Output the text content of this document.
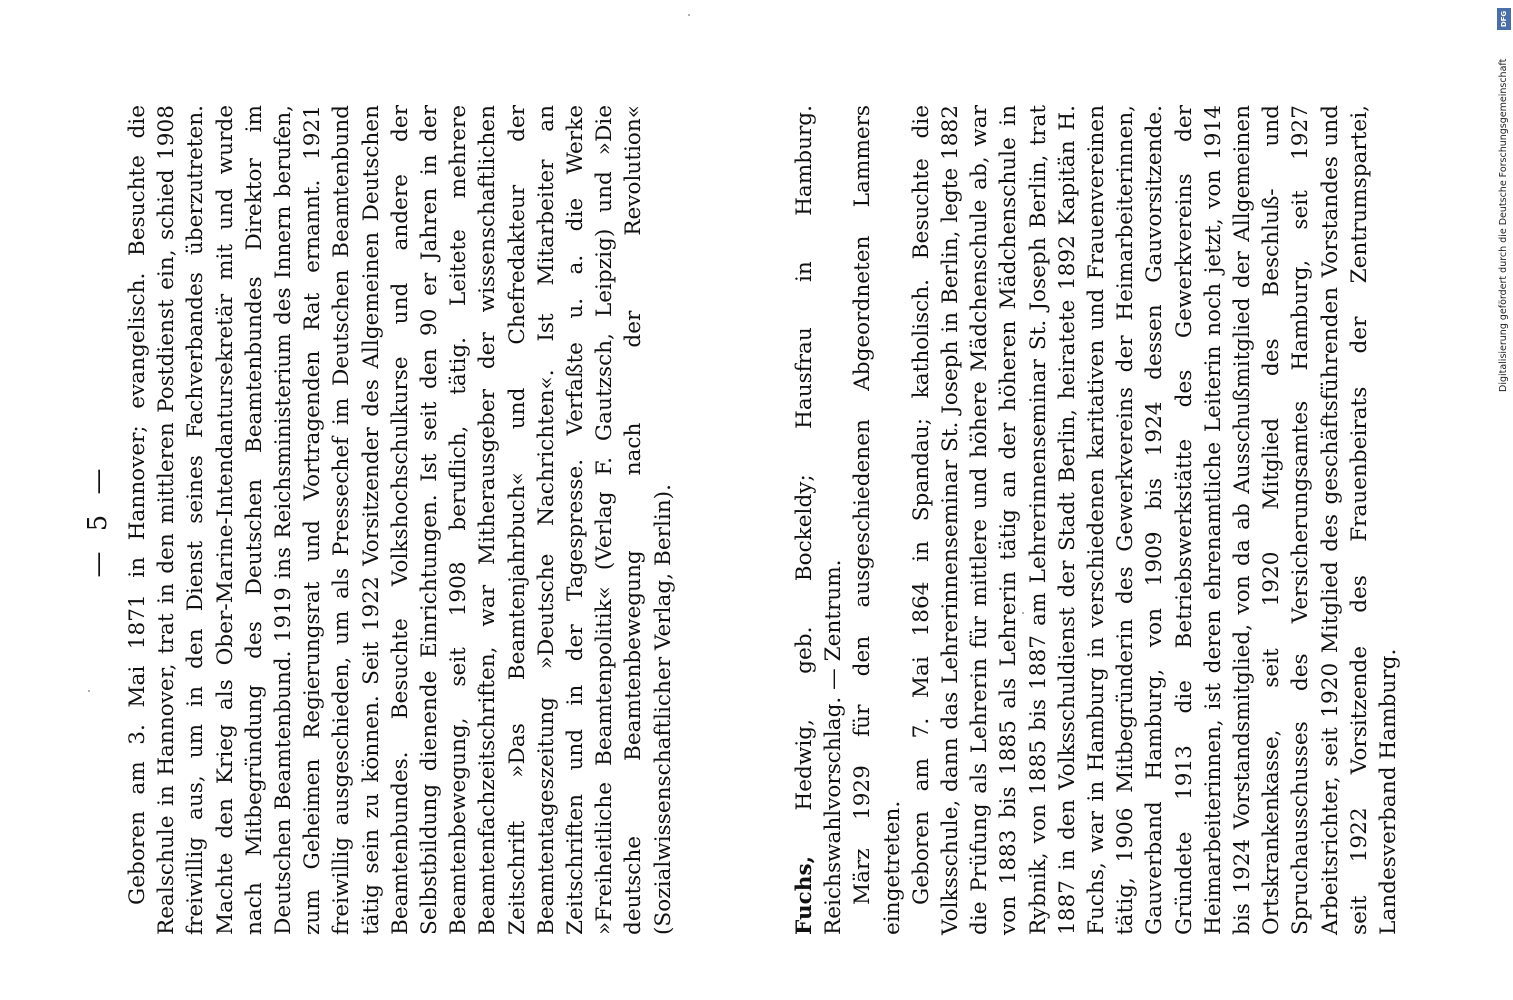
— 5 — Geboren am 3. Mai 1871 in Hannover; evangelisch. Besuchte die Realschule in Hannover, trat in den mittleren Postdienst ein, schied 1908 freiwillig aus, um in den Dienst seines Fachverbandes überzutreten. Machte den Krieg als Ober-Marine-Intendantursekretär mit und wurde nach Mitbegründung des Deutschen Beamtenbundes Direktor im Deutschen Beamtenbund. 1919 ins Reichsministerium des Innern berufen, zum Geheimen Regierungsrat und Vortragenden Rat ernannt. 1921 freiwillig ausgeschieden, um als Pressechef im Deutschen Beamtenbund tätig sein zu können. Seit 1922 Vorsitzender des Allgemeinen Deutschen Beamtenbundes. Besuchte Volkshochschulkurse und andere der Selbstbildung dienende Einrichtungen. Ist seit den 90 er Jahren in der Beamtenbewegung, seit 1908 beruflich, tätig. Leitete mehrere Beamtenfachzeitschriften, war Mitherausgeber der wissenschaftlichen Zeitschrift »Das Beamtenjahrbuch« und Chefredakteur der Beamtentageszeitung »Deutsche Nachrichten«. Ist Mitarbeiter an Zeitschriften und in der Tagespresse. Verfaßte u. a. die Werke »Freiheitliche Beamtenpolitik« (Verlag F. Gautzsch, Leipzig) und »Die deutsche Beamtenbewegung nach der Revolution« (Sozialwissenschaftlicher Verlag, Berlin).	Fuchs, Hedwig, geb. Bockeldy; Hausfrau in Hamburg. Reichswahlvorschlag. — Zentrum. März 1929 für den ausgeschiedenen Abgeordneten Lammers eingetreten. Geboren am 7. Mai 1864 in Spandau; katholisch. Besuchte die Volksschule, dann das Lehrerinnenseminar St. Joseph in Berlin, legte 1882 die Prüfung als Lehrerin für mittlere und höhere Mädchenschule ab, war von 1883 bis 1885 als Lehrerin tätig an der höheren Mädchenschule in Rybnik, von 1885 bis 1887 am Lehrerinnenseminar St. Joseph Berlin, trat 1887 in den Volksschuldienst der Stadt Berlin, heiratete 1892 Kapitän H. Fuchs, war in Hamburg in verschiedenen karitativen und Frauenvereinen tätig, 1906 Mitbegründerin des Gewerkvereins der Heimarbeiterinnen, Gauverband Hamburg, von 1909 bis 1924 dessen Gauvorsitzende. Gründete 1913 die Betriebswerkstätte des Gewerkvereins der Heimarbeiterinnen, ist deren ehrenamtliche Leiterin noch jetzt, von 1914 bis 1924 Vorstandsmitglied, von da ab Ausschußmitglied der Allgemeinen Ortskrankenkasse, seit 1920 Mitglied des Beschluß- und Spruchausschusses des Versicherungsamtes Hamburg, seit 1927 Arbeitsrichter, seit 1920 Mitglied des geschäftsführenden Vorstandes und seit 1922 Vorsitzende des Frauenbeirats der Zentrumspartei, Landesverband Hamburg.

DFG
Digitalisierung gefördert durch die Deutsche Forschungsgemeinschaft
